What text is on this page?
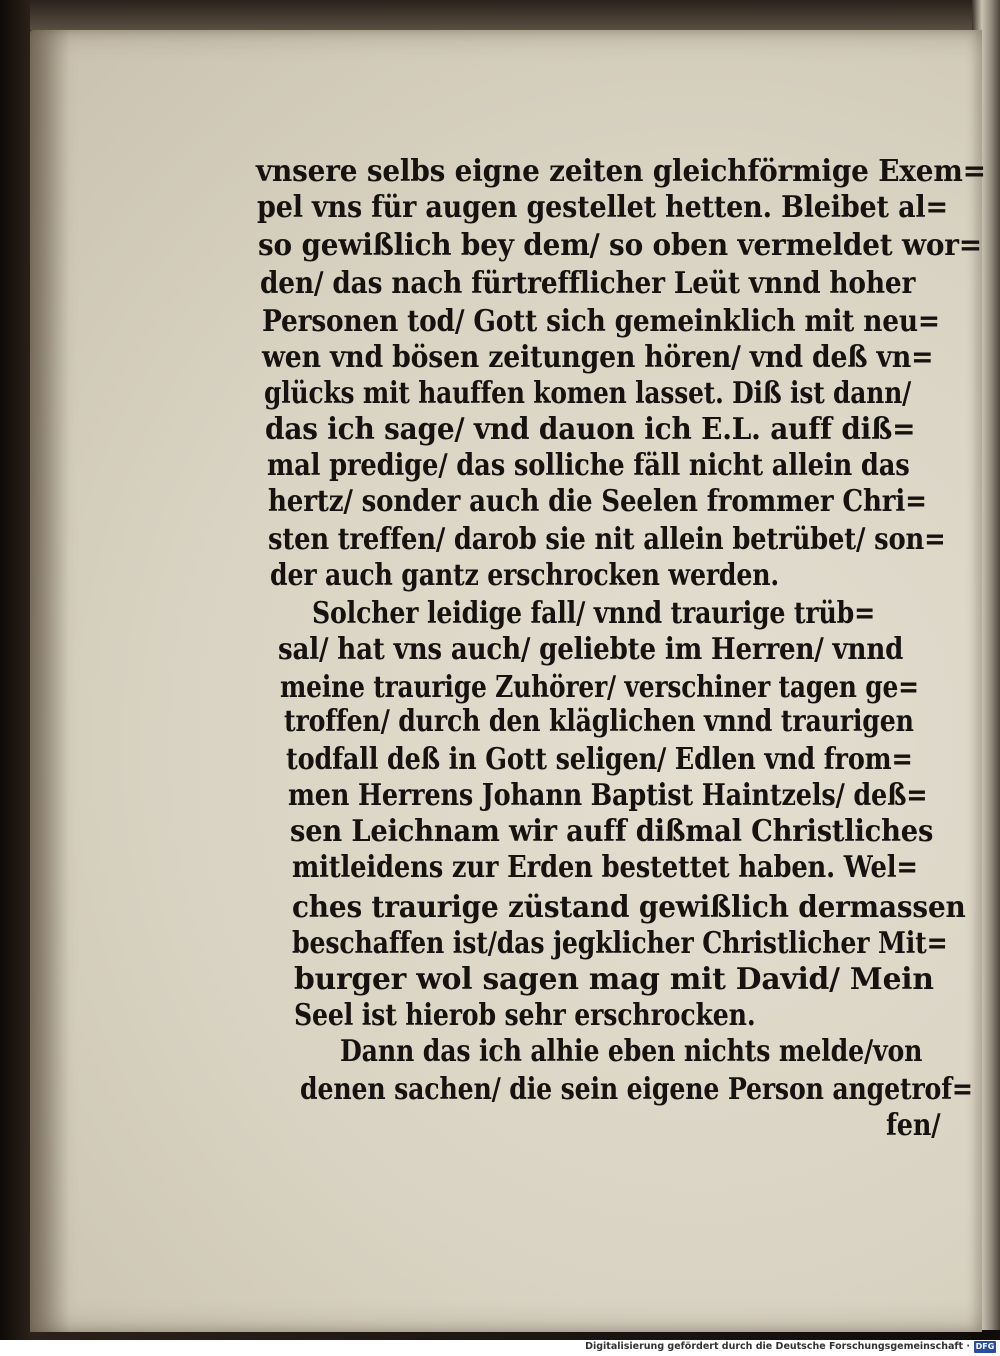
vnsere selbs eigne zeiten gleichförmige Exem=
pel vns für augen gestellet hetten. Bleibet al=
so gewißlich bey dem/ so oben vermeldet wor=
den/ das nach fürtrefflicher Leüt vnnd hoher
Personen tod/ Gott sich gemeinklich mit neu=
wen vnd bösen zeitungen hören/ vnd deß vn=
glücks mit hauffen komen lasset. Diß ist dann/
das ich sage/ vnd dauon ich E.L. auff diß=
mal predige/ das solliche fäll nicht allein das
hertz/ sonder auch die Seelen frommer Chri=
sten treffen/ darob sie nit allein betrübet/ son=
der auch gantz erschrocken werden.
Solcher leidige fall/ vnnd traurige trüb=
sal/ hat vns auch/ geliebte im Herren/ vnnd
meine traurige Zuhörer/ verschiner tagen ge=
troffen/ durch den kläglichen vnnd traurigen
todfall deß in Gott seligen/ Edlen vnd from=
men Herrens Johann Baptist Haintzels/ deß=
sen Leichnam wir auff dißmal Christliches
mitleidens zur Erden bestettet haben. Wel=
ches traurige züstand gewißlich dermassen
beschaffen ist/das jegklicher Christlicher Mit=
burger wol sagen mag mit David/ Mein
Seel ist hierob sehr erschrocken.
Dann das ich alhie eben nichts melde/von
denen sachen/ die sein eigene Person angetrof=
fen/
Digitalisierung gefördert durch die Deutsche Forschungsgemeinschaft · DFG
